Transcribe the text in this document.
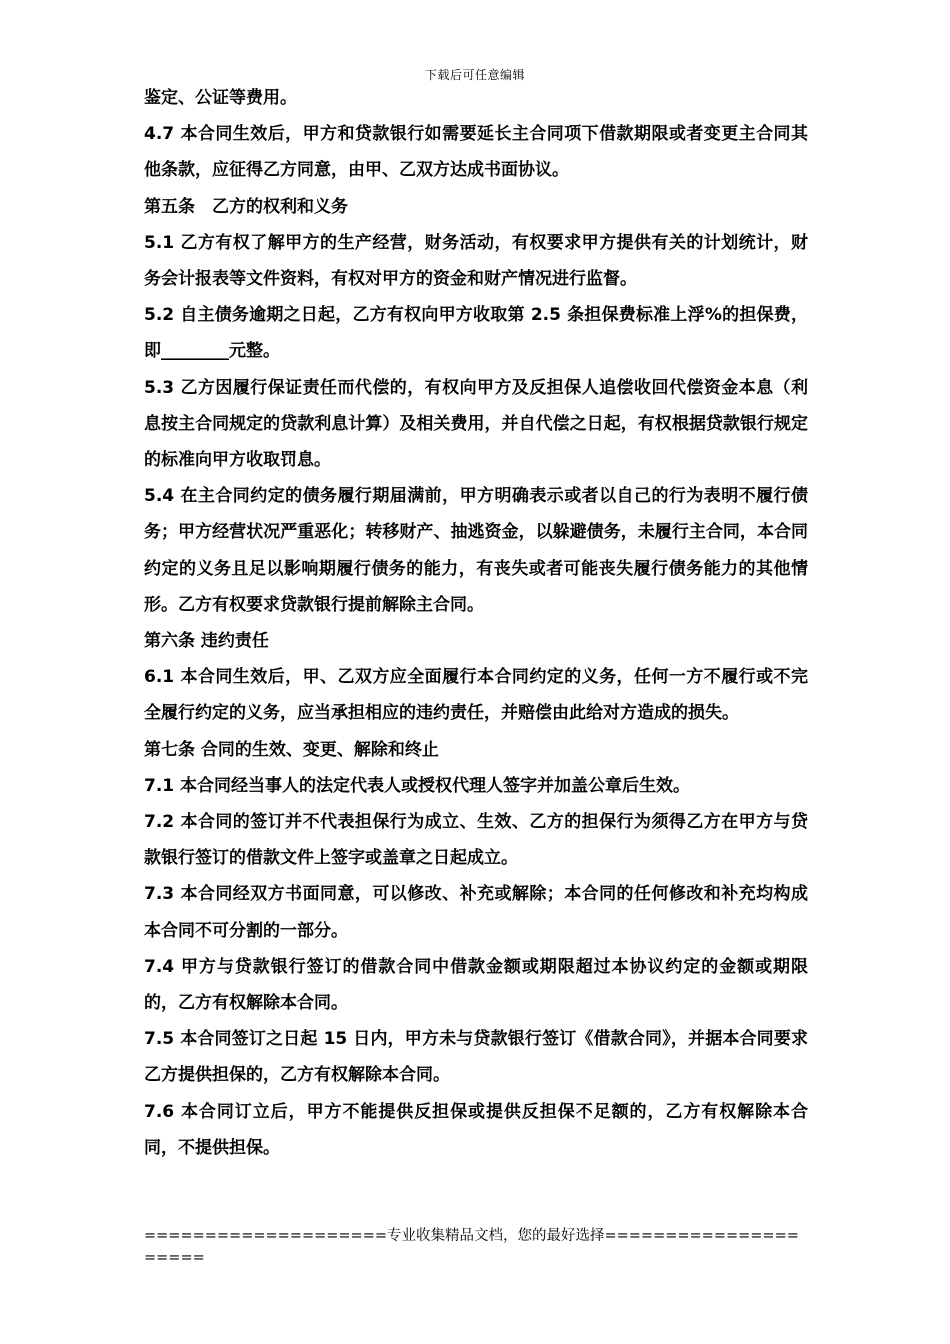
下载后可任意编辑

鉴定、公证等费用。

4.7 本合同生效后，甲方和贷款银行如需要延长主合同项下借款期限或者变更主合同其他条款，应征得乙方同意，由甲、乙双方达成书面协议。

第五条　乙方的权利和义务

5.1 乙方有权了解甲方的生产经营，财务活动，有权要求甲方提供有关的计划统计，财务会计报表等文件资料，有权对甲方的资金和财产情况进行监督。

5.2 自主债务逾期之日起，乙方有权向甲方收取第 2.5 条担保费标准上浮%的担保费，即________元整。

5.3 乙方因履行保证责任而代偿的，有权向甲方及反担保人追偿收回代偿资金本息（利息按主合同规定的贷款利息计算）及相关费用，并自代偿之日起，有权根据贷款银行规定的标准向甲方收取罚息。

5.4 在主合同约定的债务履行期届满前，甲方明确表示或者以自己的行为表明不履行债务；甲方经营状况严重恶化；转移财产、抽逃资金，以躲避债务，未履行主合同，本合同约定的义务且足以影响期履行债务的能力，有丧失或者可能丧失履行债务能力的其他情形。乙方有权要求贷款银行提前解除主合同。

第六条 违约责任

6.1 本合同生效后，甲、乙双方应全面履行本合同约定的义务，任何一方不履行或不完全履行约定的义务，应当承担相应的违约责任，并赔偿由此给对方造成的损失。

第七条 合同的生效、变更、解除和终止

7.1 本合同经当事人的法定代表人或授权代理人签字并加盖公章后生效。

7.2 本合同的签订并不代表担保行为成立、生效、乙方的担保行为须得乙方在甲方与贷款银行签订的借款文件上签字或盖章之日起成立。

7.3 本合同经双方书面同意，可以修改、补充或解除；本合同的任何修改和补充均构成本合同不可分割的一部分。

7.4 甲方与贷款银行签订的借款合同中借款金额或期限超过本协议约定的金额或期限的，乙方有权解除本合同。

7.5 本合同签订之日起 15 日内，甲方未与贷款银行签订《借款合同》，并据本合同要求乙方提供担保的，乙方有权解除本合同。

7.6 本合同订立后，甲方不能提供反担保或提供反担保不足额的，乙方有权解除本合同，不提供担保。

====================专业收集精品文档，您的最好选择=====================
